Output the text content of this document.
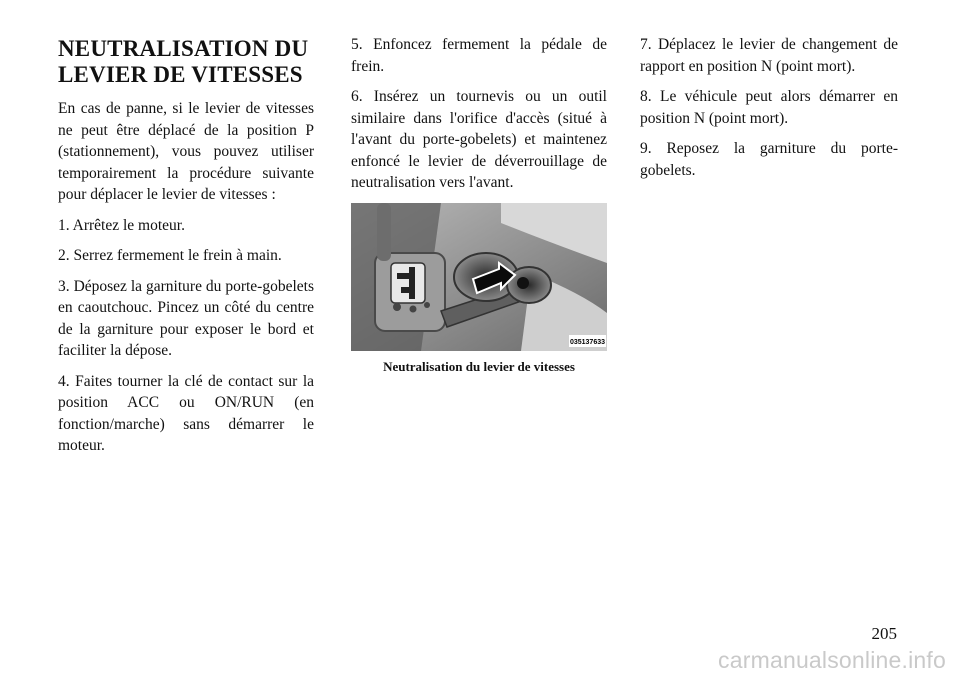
NEUTRALISATION DU
LEVIER DE VITESSES

En cas de panne, si le levier de vitesses ne peut être déplacé de la position P (stationnement), vous pouvez utiliser temporairement la procédure suivante pour déplacer le levier de vitesses :

1. Arrêtez le moteur.

2. Serrez fermement le frein à main.

3. Déposez la garniture du porte-gobelets en caoutchouc. Pincez un côté du centre de la garniture pour exposer le bord et faciliter la dépose.

4. Faites tourner la clé de contact sur la position ACC ou ON/RUN (en fonction/marche) sans démarrer le moteur.

5. Enfoncez fermement la pédale de frein.

6. Insérez un tournevis ou un outil similaire dans l'orifice d'accès (situé à l'avant du porte-gobelets) et maintenez enfoncé le levier de déverrouillage de neutralisation vers l'avant.

035137633
Neutralisation du levier de vitesses

7. Déplacez le levier de changement de rapport en position N (point mort).

8. Le véhicule peut alors démarrer en position N (point mort).

9. Reposez la garniture du porte-gobelets.

205
carmanualsonline.info
